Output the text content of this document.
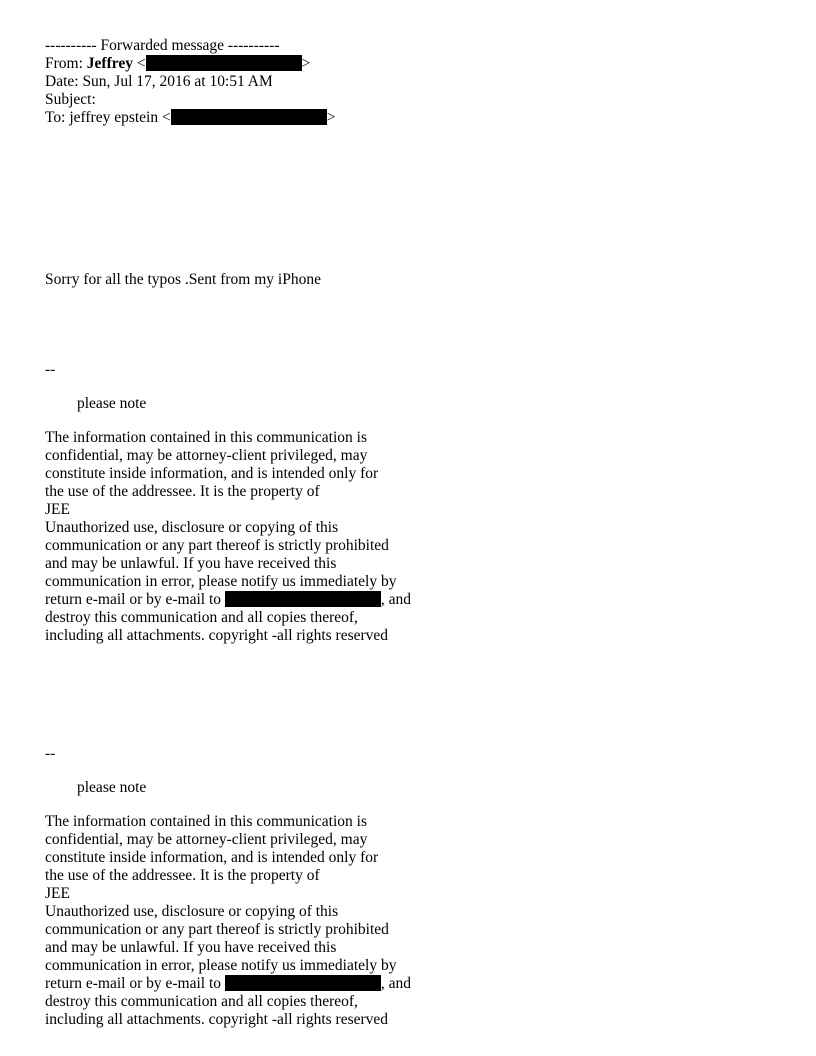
---------- Forwarded message ----------
From: Jeffrey <	>
Date: Sun, Jul 17, 2016 at 10:51 AM
Subject:
To: jeffrey epstein <	>
Sorry for all the typos .Sent from my iPhone
--
please note
The information contained in this communication is
confidential, may be attorney-client privileged, may
constitute inside information, and is intended only for
the use of the addressee. It is the property of
JEE
Unauthorized use, disclosure or copying of this
communication or any part thereof is strictly prohibited
and may be unlawful. If you have received this
communication in error, please notify us immediately by
return e-mail or by e-mail to	, and
destroy this communication and all copies thereof,
including all attachments. copyright -all rights reserved
--
please note
The information contained in this communication is
confidential, may be attorney-client privileged, may
constitute inside information, and is intended only for
the use of the addressee. It is the property of
JEE
Unauthorized use, disclosure or copying of this
communication or any part thereof is strictly prohibited
and may be unlawful. If you have received this
communication in error, please notify us immediately by
return e-mail or by e-mail to	, and
destroy this communication and all copies thereof,
including all attachments. copyright -all rights reserved
